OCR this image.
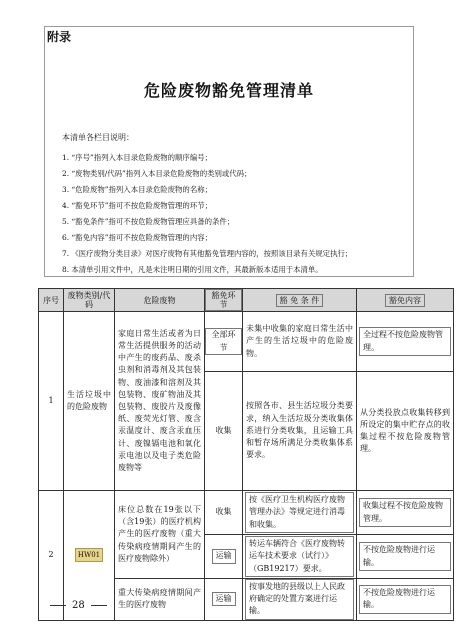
附录
危险废物豁免管理清单
本清单各栏目说明：
1. “序号”指列入本目录危险废物的顺序编号；
2. “废物类别/代码”指列入本目录危险废物的类别或代码；
3. “危险废物”指列入本目录危险废物的名称；
4. “豁免环节”指可不按危险废物管理的环节；
5. “豁免条件”指可不按危险废物管理应具备的条件；
6. “豁免内容”指可不按危险废物管理的内容；
7. 《医疗废物分类目录》对医疗废物有其他豁免管理内容的，按照该目录有关规定执行；
8. 本清单引用文件中，凡是未注明日期的引用文件，其最新版本适用于本清单。
序号	废物类别/代码	危险废物	豁免环节	豁 免 条 件	豁免内容
1	生活垃圾中的危险废物	家庭日常生活或者为日常生活提供服务的活动中产生的废药品、废杀虫剂和消毒剂及其包装物、废油漆和溶剂及其包装物、废矿物油及其包装物、废胶片及废像纸、废荧光灯管、废含汞温度计、废含汞血压计、废镍镉电池和氧化汞电池以及电子类危险废物等	全部环节	未集中收集的家庭日常生活中产生的生活垃圾中的危险废物。	全过程不按危险废物管理。

			收集	按照各市、县生活垃圾分类要求，纳入生活垃圾分类收集体系进行分类收集，且运输工具和暂存场所满足分类收集体系要求。	从分类投放点收集转移到所设定的集中贮存点的收集过程不按危险废物管理。
2	HW01	床位总数在19张以下（含19张）的医疗机构产生的医疗废物（重大传染病疫情期间产生的医疗废物除外）	收集	按《医疗卫生机构医疗废物管理办法》等规定进行消毒和收集。	收集过程不按危险废物管理。

			运输	转运车辆符合《医疗废物转运车技术要求（试行）》（GB19217）要求。	不按危险废物进行运输。

		重大传染病疫情期间产生的医疗废物	运输	按事发地的县级以上人民政府确定的处置方案进行运输。	不按危险废物进行运输。
28
